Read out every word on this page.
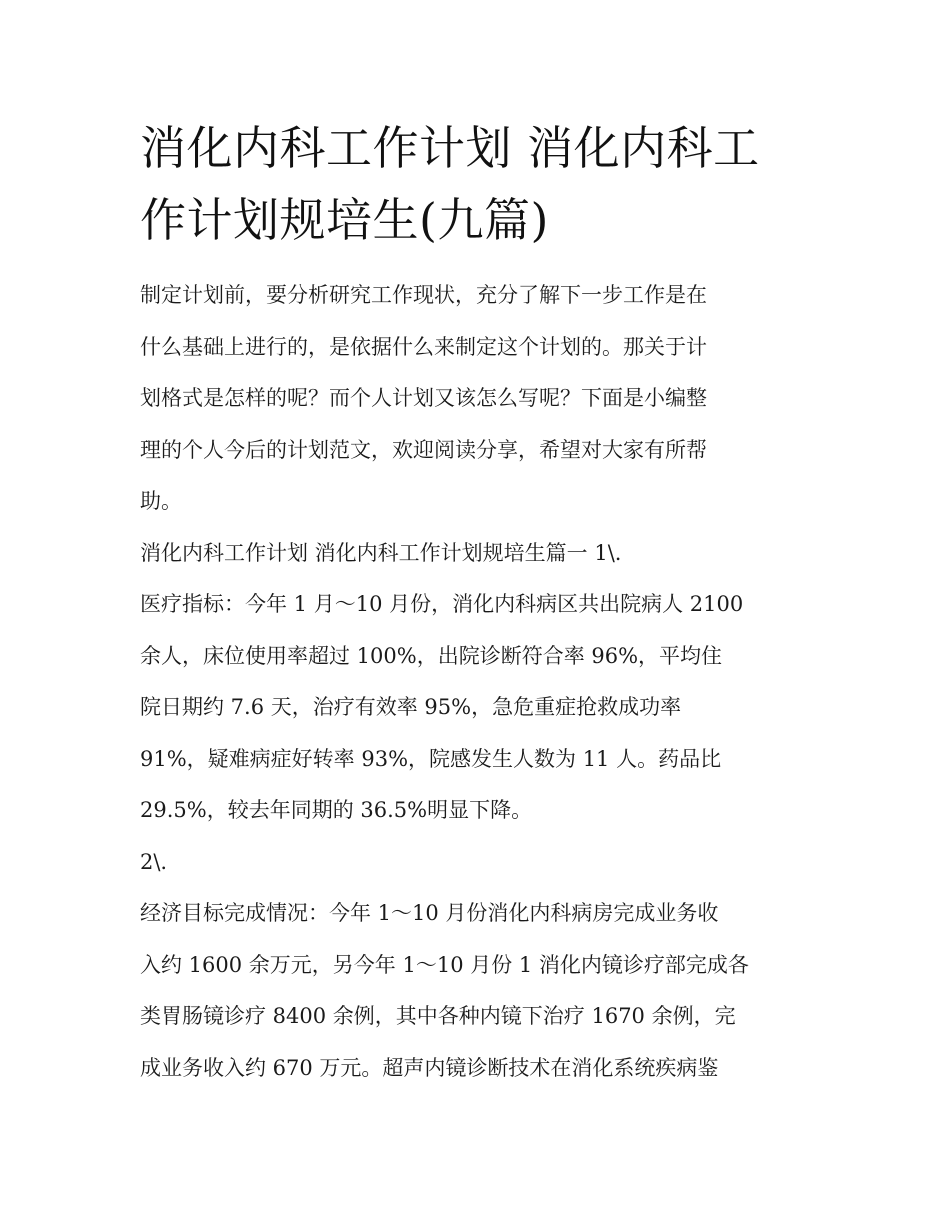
消化内科工作计划 消化内科工
作计划规培生(九篇)
制定计划前，要分析研究工作现状，充分了解下一步工作是在
什么基础上进行的，是依据什么来制定这个计划的。那关于计
划格式是怎样的呢？而个人计划又该怎么写呢？下面是小编整
理的个人今后的计划范文，欢迎阅读分享，希望对大家有所帮
助。
消化内科工作计划 消化内科工作计划规培生篇一 1\.
医疗指标：今年 1 月～10 月份，消化内科病区共出院病人 2100
余人，床位使用率超过 100%，出院诊断符合率 96%，平均住
院日期约 7.6 天，治疗有效率 95%，急危重症抢救成功率
91%，疑难病症好转率 93%，院感发生人数为 11 人。药品比
29.5%，较去年同期的 36.5%明显下降。
2\.
经济目标完成情况：今年 1～10 月份消化内科病房完成业务收
入约 1600 余万元，另今年 1～10 月份 1 消化内镜诊疗部完成各
类胃肠镜诊疗 8400 余例，其中各种内镜下治疗 1670 余例，完
成业务收入约 670 万元。超声内镜诊断技术在消化系统疾病鉴
